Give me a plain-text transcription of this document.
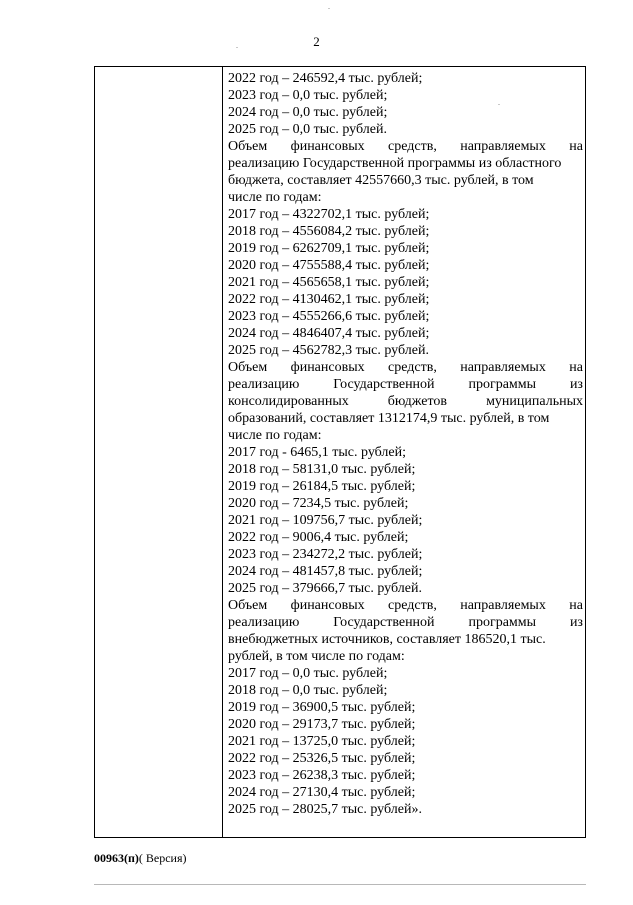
2
2022 год – 246592,4 тыс. рублей;
2023 год – 0,0 тыс. рублей;
2024 год – 0,0 тыс. рублей;
2025 год – 0,0 тыс. рублей.
Объем финансовых средств, направляемых на
реализацию Государственной программы из областного
бюджета, составляет 42557660,3 тыс. рублей, в том
числе по годам:
2017 год – 4322702,1 тыс. рублей;
2018 год – 4556084,2 тыс. рублей;
2019 год – 6262709,1 тыс. рублей;
2020 год – 4755588,4 тыс. рублей;
2021 год – 4565658,1 тыс. рублей;
2022 год – 4130462,1 тыс. рублей;
2023 год – 4555266,6 тыс. рублей;
2024 год – 4846407,4 тыс. рублей;
2025 год – 4562782,3 тыс. рублей.
Объем финансовых средств, направляемых на
реализацию Государственной программы из
консолидированных	бюджетов	муниципальных
образований, составляет 1312174,9 тыс. рублей, в том
числе по годам:
2017 год - 6465,1 тыс. рублей;
2018 год – 58131,0 тыс. рублей;
2019 год – 26184,5 тыс. рублей;
2020 год – 7234,5 тыс. рублей;
2021 год – 109756,7 тыс. рублей;
2022 год – 9006,4 тыс. рублей;
2023 год – 234272,2 тыс. рублей;
2024 год – 481457,8 тыс. рублей;
2025 год – 379666,7 тыс. рублей.
Объем финансовых средств, направляемых на
реализацию Государственной программы из
внебюджетных источников, составляет 186520,1 тыс.
рублей, в том числе по годам:
2017 год – 0,0 тыс. рублей;
2018 год – 0,0 тыс. рублей;
2019 год – 36900,5 тыс. рублей;
2020 год – 29173,7 тыс. рублей;
2021 год – 13725,0 тыс. рублей;
2022 год – 25326,5 тыс. рублей;
2023 год – 26238,3 тыс. рублей;
2024 год – 27130,4 тыс. рублей;
2025 год – 28025,7 тыс. рублей».
00963(п)( Версия)
